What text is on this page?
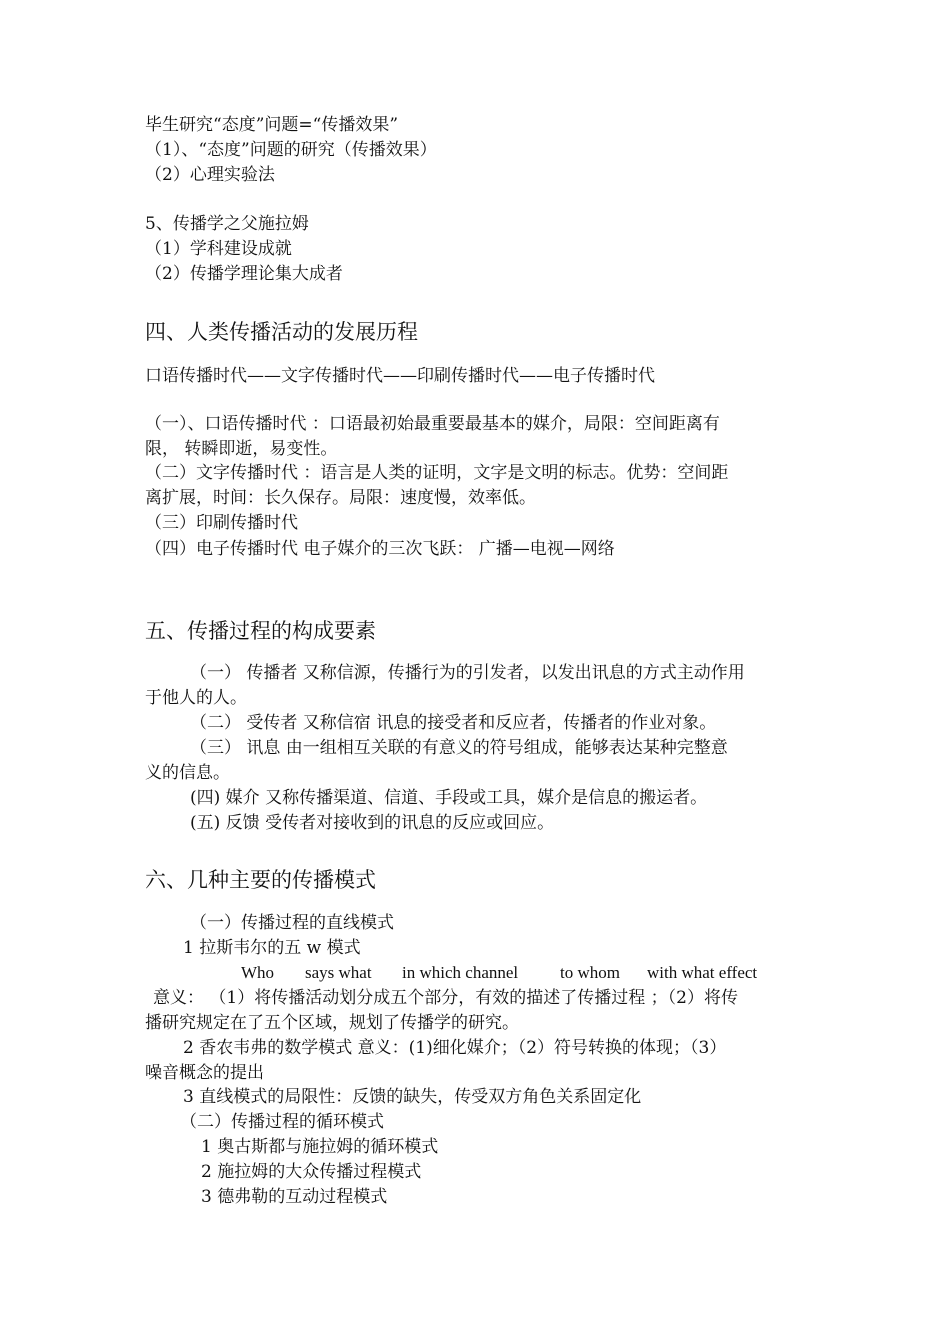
毕生研究“态度”问题=“传播效果”
（1）、“态度”问题的研究（传播效果）
（2）心理实验法
5、传播学之父施拉姆
（1）学科建设成就
（2）传播学理论集大成者
四、人类传播活动的发展历程
口语传播时代——文字传播时代——印刷传播时代——电子传播时代
（一）、口语传播时代 ：口语最初始最重要最基本的媒介，局限：空间距离有
限， 转瞬即逝，易变性。
（二）文字传播时代 ：语言是人类的证明，文字是文明的标志。优势：空间距
离扩展，时间：长久保存。局限：速度慢，效率低。
（三）印刷传播时代
（四）电子传播时代 电子媒介的三次飞跃： 广播—电视—网络
五、传播过程的构成要素
（一） 传播者 又称信源，传播行为的引发者，以发出讯息的方式主动作用
于他人的人。
（二） 受传者 又称信宿 讯息的接受者和反应者，传播者的作业对象。
（三） 讯息 由一组相互关联的有意义的符号组成，能够表达某种完整意
义的信息。
(四) 媒介 又称传播渠道、信道、手段或工具，媒介是信息的搬运者。
(五) 反馈 受传者对接收到的讯息的反应或回应。
六、几种主要的传播模式
（一）传播过程的直线模式
1 拉斯韦尔的五 w 模式
Who says what in which channel to whom with what effect
意义： （1）将传播活动划分成五个部分，有效的描述了传播过程 ；（2）将传
播研究规定在了五个区域，规划了传播学的研究。
2 香农韦弗的数学模式 意义：(1)细化媒介；（2）符号转换的体现；（3）
噪音概念的提出
3 直线模式的局限性：反馈的缺失，传受双方角色关系固定化
（二）传播过程的循环模式
1 奥古斯都与施拉姆的循环模式
2 施拉姆的大众传播过程模式
3 德弗勒的互动过程模式
